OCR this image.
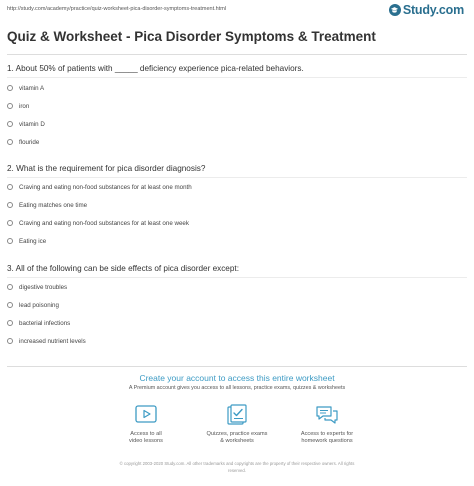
http://study.com/academy/practice/quiz-worksheet-pica-disorder-symptoms-treatment.html	Study.com
Quiz & Worksheet - Pica Disorder Symptoms & Treatment
1. About 50% of patients with _____ deficiency experience pica-related behaviors.
vitamin A
iron
vitamin D
flouride
2. What is the requirement for pica disorder diagnosis?
Craving and eating non-food substances for at least one month
Eating matches one time
Craving and eating non-food substances for at least one week
Eating ice
3. All of the following can be side effects of pica disorder except:
digestive troubles
lead poisoning
bacterial infections
increased nutrient levels
Create your account to access this entire worksheet
A Premium account gives you access to all lessons, practice exams, quizzes & worksheets
Access to all
video lessons
Quizzes, practice exams
& worksheets
Access to experts for
homework questions
© copyright 2003-2020 Study.com. All other trademarks and copyrights are the property of their respective owners. All rights
reserved.
